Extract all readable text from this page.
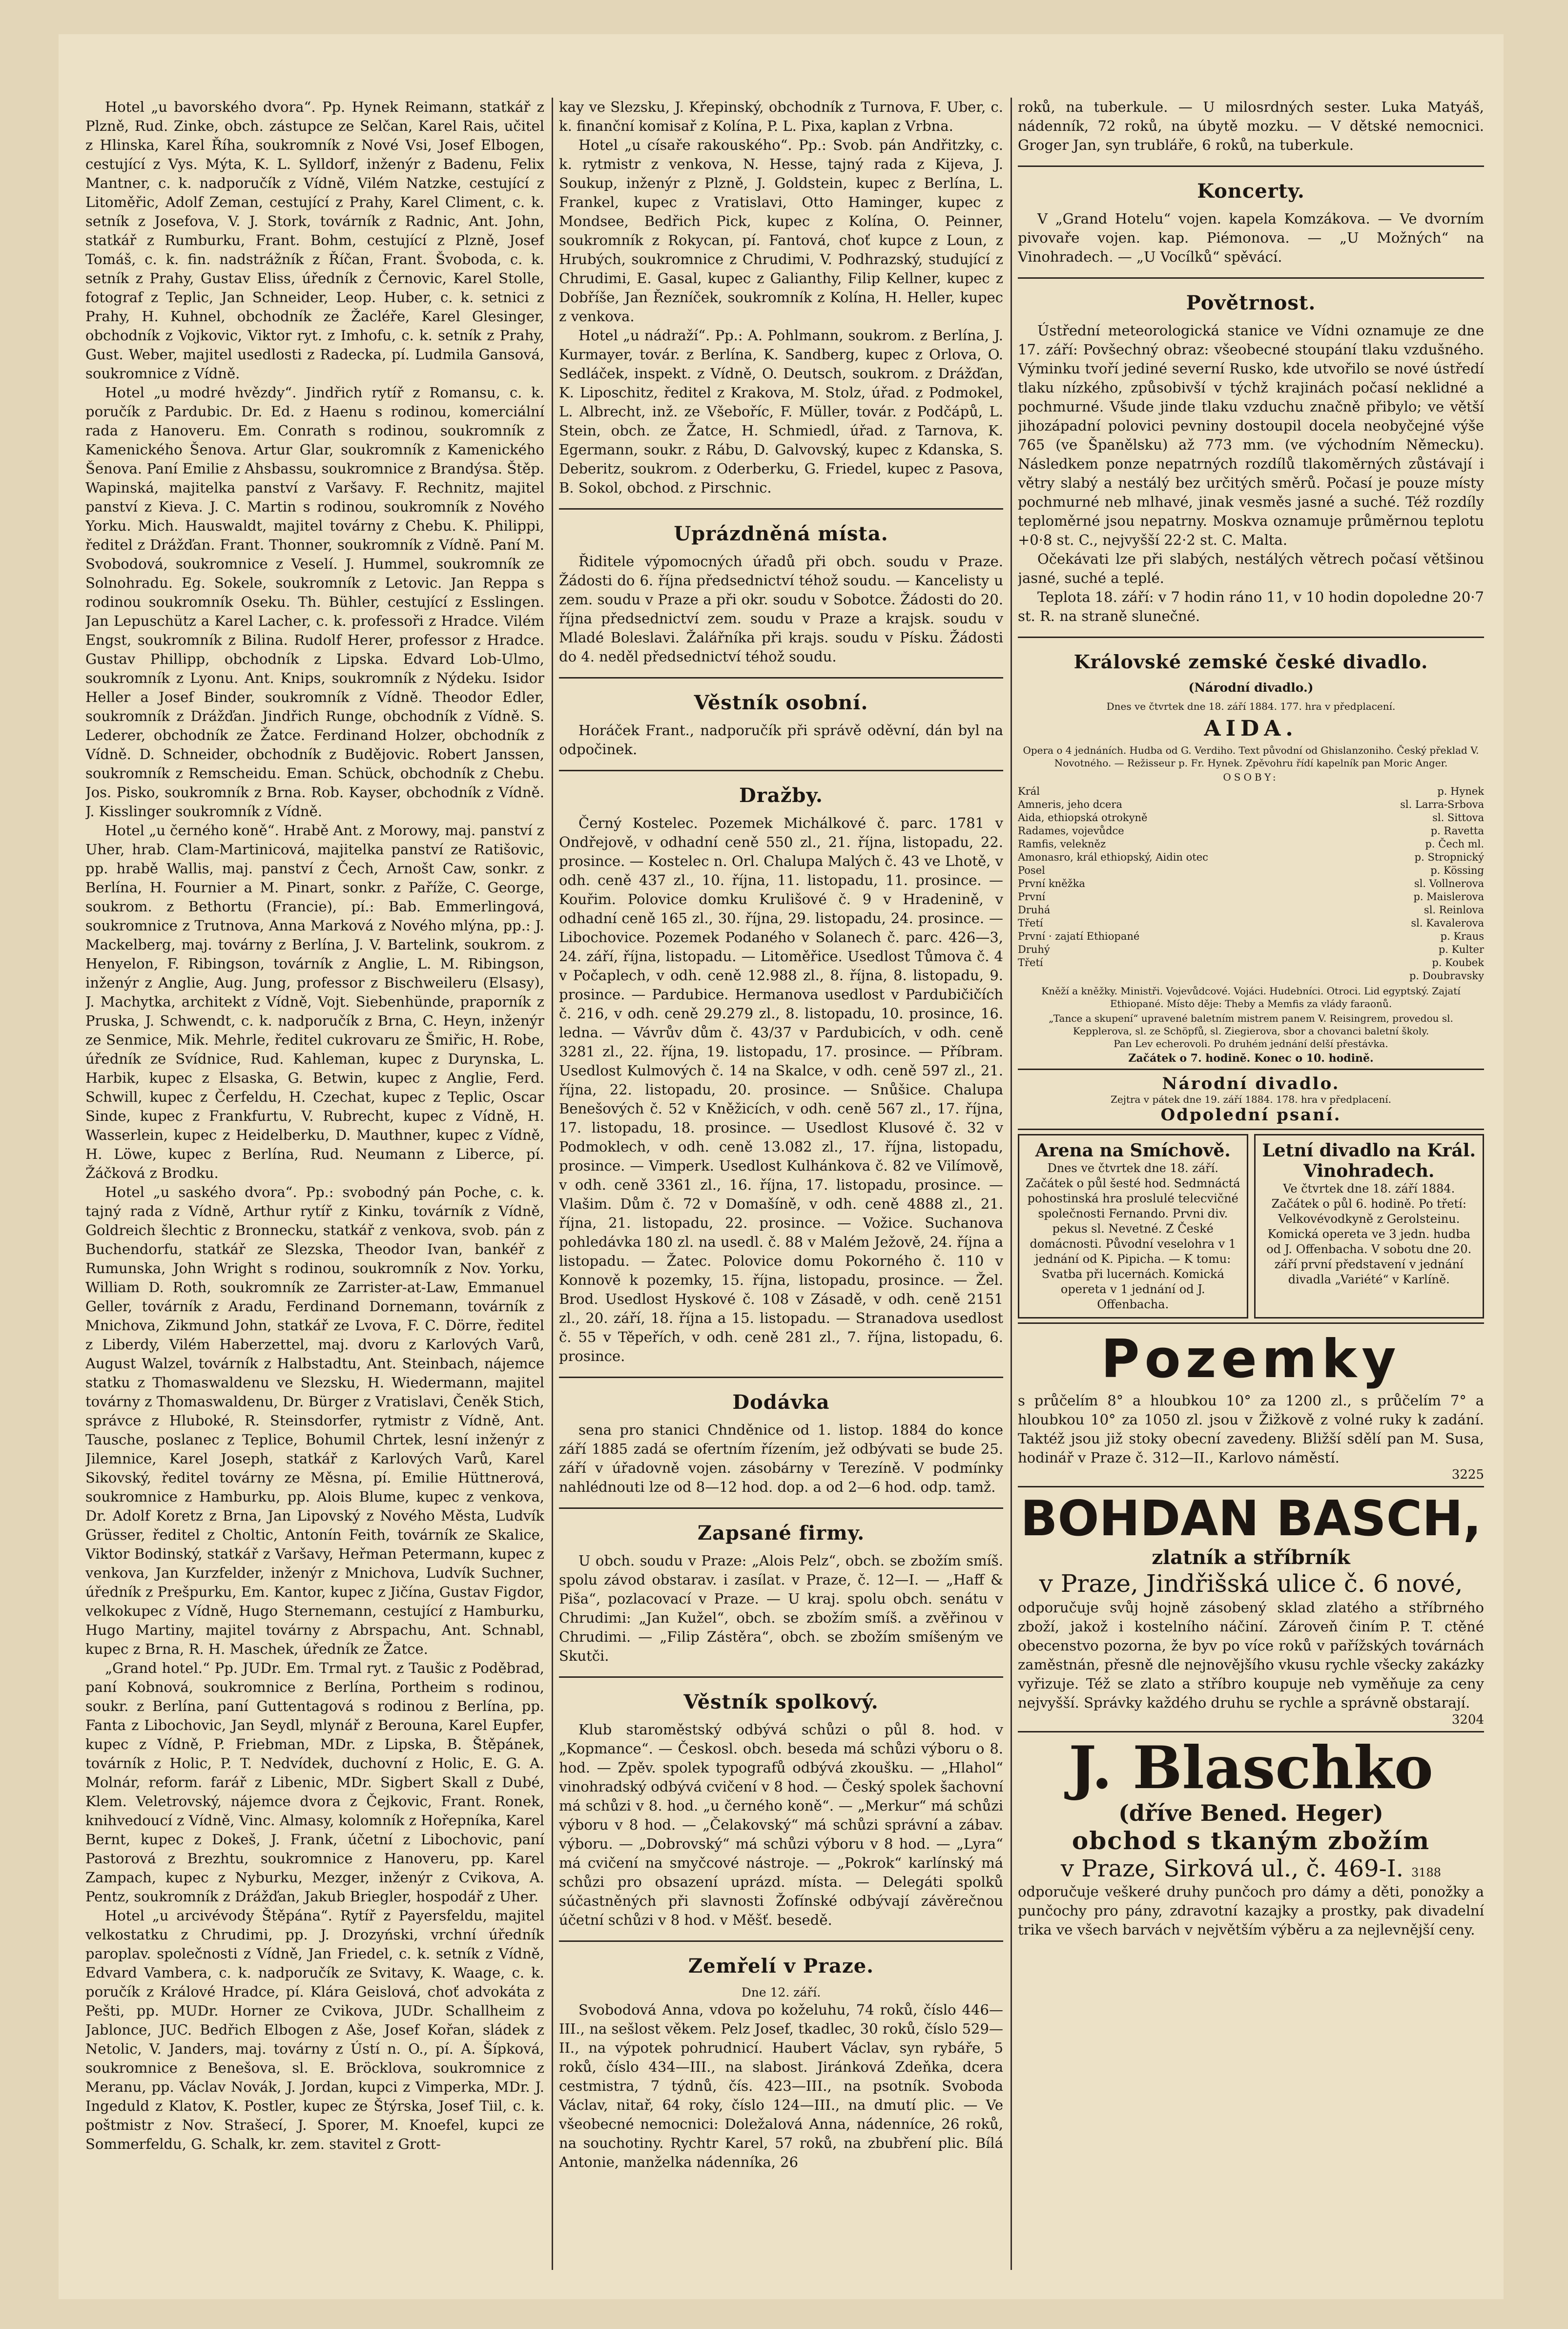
Hotel „u bavorského dvora“. Pp. Hynek Reimann, statkář z Plzně, Rud. Zinke, obch. zástupce ze Selčan, Karel Rais, učitel z Hlinska, Karel Říha, soukromník z Nové Vsi, Josef Elbogen, cestující z Vys. Mýta, K. L. Sylldorf, inženýr z Badenu, Felix Mantner, c. k. nadporučík z Vídně, Vilém Natzke, cestující z Litoměřic, Adolf Zeman, cestující z Prahy, Karel Climent, c. k. setník z Josefova, V. J. Stork, továrník z Radnic, Ant. John, statkář z Rumburku, Frant. Bohm, cestující z Plzně, Josef Tomáš, c. k. fin. nadstrážník z Říčan, Frant. Švoboda, c. k. setník z Prahy, Gustav Eliss, úředník z Černovic, Karel Stolle, fotograf z Teplic, Jan Schneider, Leop. Huber, c. k. setnici z Prahy, H. Kuhnel, obchodník ze Žacléře, Karel Glesinger, obchodník z Vojkovic, Viktor ryt. z Imhofu, c. k. setník z Prahy, Gust. Weber, majitel usedlosti z Radecka, pí. Ludmila Gansová, soukromnice z Vídně.

Hotel „u modré hvězdy“. Jindřich rytíř z Romansu, c. k. poručík z Pardubic. Dr. Ed. z Haenu s rodinou, komerciální rada z Hanoveru. Em. Conrath s rodinou, soukromník z Kamenického Šenova. Artur Glar, soukromník z Kamenického Šenova. Paní Emilie z Ahsbassu, soukromnice z Brandýsa. Štěp. Wapinská, majitelka panství z Varšavy. F. Rechnitz, majitel panství z Kieva. J. C. Martin s rodinou, soukromník z Nového Yorku. Mich. Hauswaldt, majitel továrny z Chebu. K. Philippi, ředitel z Drážďan. Frant. Thonner, soukromník z Vídně. Paní M. Svobodová, soukromnice z Veselí. J. Hummel, soukromník ze Solnohradu. Eg. Sokele, soukromník z Letovic. Jan Reppa s rodinou soukromník Oseku. Th. Bühler, cestující z Esslingen. Jan Lepuschütz a Karel Lacher, c. k. professoři z Hradce. Vilém Engst, soukromník z Bilina. Rudolf Herer, professor z Hradce. Gustav Phillipp, obchodník z Lipska. Edvard Lob-Ulmo, soukromník z Lyonu. Ant. Knips, soukromník z Nýdeku. Isidor Heller a Josef Binder, soukromník z Vídně. Theodor Edler, soukromník z Drážďan. Jindřich Runge, obchodník z Vídně. S. Lederer, obchodník ze Žatce. Ferdinand Holzer, obchodník z Vídně. D. Schneider, obchodník z Budějovic. Robert Janssen, soukromník z Remscheidu. Eman. Schück, obchodník z Chebu. Jos. Pisko, soukromník z Brna. Rob. Kayser, obchodník z Vídně. J. Kisslinger soukromník z Vídně.

Hotel „u černého koně“. Hrabě Ant. z Morowy, maj. panství z Uher, hrab. Clam-Martinicová, majitelka panství ze Ratišovic, pp. hrabě Wallis, maj. panství z Čech, Arnošt Caw, sonkr. z Berlína, H. Fournier a M. Pinart, sonkr. z Paříže, C. George, soukrom. z Bethortu (Francie), pí.: Bab. Emmerlingová, soukromnice z Trutnova, Anna Marková z Nového mlýna, pp.: J. Mackelberg, maj. továrny z Berlína, J. V. Bartelink, soukrom. z Henyelon, F. Ribingson, továrník z Anglie, L. M. Ribingson, inženýr z Anglie, Aug. Jung, professor z Bischweileru (Elsasy), J. Machytka, architekt z Vídně, Vojt. Siebenhünde, praporník z Pruska, J. Schwendt, c. k. nadporučík z Brna, C. Heyn, inženýr ze Senmice, Mik. Mehrle, ředitel cukrovaru ze Šmiřic, H. Robe, úředník ze Svídnice, Rud. Kahleman, kupec z Durynska, L. Harbik, kupec z Elsaska, G. Betwin, kupec z Anglie, Ferd. Schwill, kupec z Čerfeldu, H. Czechat, kupec z Teplic, Oscar Sinde, kupec z Frankfurtu, V. Rubrecht, kupec z Vídně, H. Wasserlein, kupec z Heidelberku, D. Mauthner, kupec z Vídně, H. Löwe, kupec z Berlína, Rud. Neumann z Liberce, pí. Žáčková z Brodku.

Hotel „u saského dvora“. Pp.: svobodný pán Poche, c. k. tajný rada z Vídně, Arthur rytíř z Kinku, továrník z Vídně, Goldreich šlechtic z Bronnecku, statkář z venkova, svob. pán z Buchendorfu, statkář ze Slezska, Theodor Ivan, bankéř z Rumunska, John Wright s rodinou, soukromník z Nov. Yorku, William D. Roth, soukromník ze Zarrister-at-Law, Emmanuel Geller, továrník z Aradu, Ferdinand Dornemann, továrník z Mnichova, Zikmund John, statkář ze Lvova, F. C. Dörre, ředitel z Liberdy, Vilém Haberzettel, maj. dvoru z Karlových Varů, August Walzel, továrník z Halbstadtu, Ant. Steinbach, nájemce statku z Thomaswaldenu ve Slezsku, H. Wiedermann, majitel továrny z Thomaswaldenu, Dr. Bürger z Vratislavi, Čeněk Stich, správce z Hluboké, R. Steinsdorfer, rytmistr z Vídně, Ant. Tausche, poslanec z Teplice, Bohumil Chrtek, lesní inženýr z Jilemnice, Karel Joseph, statkář z Karlových Varů, Karel Sikovský, ředitel továrny ze Měsna, pí. Emilie Hüttnerová, soukromnice z Hamburku, pp. Alois Blume, kupec z venkova, Dr. Adolf Koretz z Brna, Jan Lipovský z Nového Města, Ludvík Grüsser, ředitel z Choltic, Antonín Feith, továrník ze Skalice, Viktor Bodinský, statkář z Varšavy, Heřman Petermann, kupec z venkova, Jan Kurzfelder, inženýr z Mnichova, Ludvík Suchner, úředník z Prešpurku, Em. Kantor, kupec z Jičína, Gustav Figdor, velkokupec z Vídně, Hugo Sternemann, cestující z Hamburku, Hugo Martiny, majitel továrny z Abrspachu, Ant. Schnabl, kupec z Brna, R. H. Maschek, úředník ze Žatce.

„Grand hotel.“ Pp. JUDr. Em. Trmal ryt. z Taušic z Poděbrad, paní Kobnová, soukromnice z Berlína, Portheim s rodinou, soukr. z Berlína, paní Guttentagová s rodinou z Berlína, pp. Fanta z Libochovic, Jan Seydl, mlynář z Berouna, Karel Eupfer, kupec z Vídně, P. Friebman, MDr. z Lipska, B. Štěpánek, továrník z Holic, P. T. Nedvídek, duchovní z Holic, E. G. A. Molnár, reform. farář z Libenic, MDr. Sigbert Skall z Dubé, Klem. Veletrovský, nájemce dvora z Čejkovic, Frant. Ronek, knihvedoucí z Vídně, Vinc. Almasy, kolomník z Hořepníka, Karel Bernt, kupec z Dokeš, J. Frank, účetní z Libochovic, paní Pastorová z Brezhtu, soukromnice z Hanoveru, pp. Karel Zampach, kupec z Nyburku, Mezger, inženýr z Cvikova, A. Pentz, soukromník z Drážďan, Jakub Briegler, hospodář z Uher.

Hotel „u arcivévody Štěpána“. Rytíř z Payersfeldu, majitel velkostatku z Chrudimi, pp. J. Drozyński, vrchní úředník paroplav. společnosti z Vídně, Jan Friedel, c. k. setník z Vídně, Edvard Vambera, c. k. nadporučík ze Svitavy, K. Waage, c. k. poručík z Králové Hradce, pí. Klára Geislová, choť advokáta z Pešti, pp. MUDr. Horner ze Cvikova, JUDr. Schallheim z Jablonce, JUC. Bedřich Elbogen z Aše, Josef Kořan, sládek z Netolic, V. Janders, maj. továrny z Ústí n. O., pí. A. Šípková, soukromnice z Benešova, sl. E. Bröcklova, soukromnice z Meranu, pp. Václav Novák, J. Jordan, kupci z Vimperka, MDr. J. Ingeduld z Klatov, K. Postler, kupec ze Štýrska, Josef Tiil, c. k. poštmistr z Nov. Strašecí, J. Sporer, M. Knoefel, kupci ze Sommerfeldu, G. Schalk, kr. zem. stavitel z Grott-

kay ve Slezsku, J. Křepinský, obchodník z Turnova, F. Uber, c. k. finanční komisař z Kolína, P. L. Pixa, kaplan z Vrbna.

Hotel „u císaře rakouského“. Pp.: Svob. pán Andřitzky, c. k. rytmistr z venkova, N. Hesse, tajný rada z Kijeva, J. Soukup, inženýr z Plzně, J. Goldstein, kupec z Berlína, L. Frankel, kupec z Vratislavi, Otto Haminger, kupec z Mondsee, Bedřich Pick, kupec z Kolína, O. Peinner, soukromník z Rokycan, pí. Fantová, choť kupce z Loun, z Hrubých, soukromnice z Chrudimi, V. Podhrazský, studující z Chrudimi, E. Gasal, kupec z Galianthy, Filip Kellner, kupec z Dobříše, Jan Řezníček, soukromník z Kolína, H. Heller, kupec z venkova.

Hotel „u nádraží“. Pp.: A. Pohlmann, soukrom. z Berlína, J. Kurmayer, továr. z Berlína, K. Sandberg, kupec z Orlova, O. Sedláček, inspekt. z Vídně, O. Deutsch, soukrom. z Drážďan, K. Liposchitz, ředitel z Krakova, M. Stolz, úřad. z Podmokel, L. Albrecht, inž. ze Všeboříc, F. Müller, továr. z Podčápů, L. Stein, obch. ze Žatce, H. Schmiedl, úřad. z Tarnova, K. Egermann, soukr. z Rábu, D. Galvovský, kupec z Kdanska, S. Deberitz, soukrom. z Oderberku, G. Friedel, kupec z Pasova, B. Sokol, obchod. z Pirschnic.

Uprázdněná místa.

Řiditele výpomocných úřadů při obch. soudu v Praze. Žádosti do 6. října předsednictví téhož soudu. — Kancelisty u zem. soudu v Praze a při okr. soudu v Sobotce. Žádosti do 20. října předsednictví zem. soudu v Praze a krajsk. soudu v Mladé Boleslavi. Žalářníka při krajs. soudu v Písku. Žádosti do 4. neděl předsednictví téhož soudu.

Věstník osobní.

Horáček Frant., nadporučík při správě oděvní, dán byl na odpočinek.

Dražby.

Černý Kostelec. Pozemek Michálkové č. parc. 1781 v Ondřejově, v odhadní ceně 550 zl., 21. října, listopadu, 22. prosince. — Kostelec n. Orl. Chalupa Malých č. 43 ve Lhotě, v odh. ceně 437 zl., 10. října, 11. listopadu, 11. prosince. — Kouřim. Polovice domku Krulišové č. 9 v Hradenině, v odhadní ceně 165 zl., 30. října, 29. listopadu, 24. prosince. — Libochovice. Pozemek Podaného v Solanech č. parc. 426—3, 24. září, října, listopadu. — Litoměřice. Usedlost Tůmova č. 4 v Počaplech, v odh. ceně 12.988 zl., 8. října, 8. listopadu, 9. prosince. — Pardubice. Hermanova usedlost v Pardubičičích č. 216, v odh. ceně 29.279 zl., 8. listopadu, 10. prosince, 16. ledna. — Vávrův dům č. 43/37 v Pardubicích, v odh. ceně 3281 zl., 22. října, 19. listopadu, 17. prosince. — Příbram. Usedlost Kulmových č. 14 na Skalce, v odh. ceně 597 zl., 21. října, 22. listopadu, 20. prosince. — Snůšice. Chalupa Benešových č. 52 v Kněžicích, v odh. ceně 567 zl., 17. října, 17. listopadu, 18. prosince. — Usedlost Klusové č. 32 v Podmoklech, v odh. ceně 13.082 zl., 17. října, listopadu, prosince. — Vimperk. Usedlost Kulhánkova č. 82 ve Vilímově, v odh. ceně 3361 zl., 16. října, 17. listopadu, prosince. — Vlašim. Dům č. 72 v Domašíně, v odh. ceně 4888 zl., 21. října, 21. listopadu, 22. prosince. — Vožice. Suchanova pohledávka 180 zl. na usedl. č. 88 v Malém Ježově, 24. října a listopadu. — Žatec. Polovice domu Pokorného č. 110 v Konnově k pozemky, 15. října, listopadu, prosince. — Žel. Brod. Usedlost Hyskové č. 108 v Zásadě, v odh. ceně 2151 zl., 20. září, 18. října a 15. listopadu. — Stranadova usedlost č. 55 v Těpeřích, v odh. ceně 281 zl., 7. října, listopadu, 6. prosince.

Dodávka

sena pro stanici Chnděnice od 1. listop. 1884 do konce září 1885 zadá se ofertním řízením, jež odbývati se bude 25. září v úřadovně vojen. zásobárny v Terezíně. V podmínky nahlédnouti lze od 8—12 hod. dop. a od 2—6 hod. odp. tamž.

Zapsané firmy.

U obch. soudu v Praze: „Alois Pelz“, obch. se zbožím smíš. spolu závod obstarav. i zasílat. v Praze, č. 12—I. — „Haff & Piša“, pozlacovací v Praze. — U kraj. spolu obch. senátu v Chrudimi: „Jan Kužel“, obch. se zbožím smíš. a zvěřinou v Chrudimi. — „Filip Zástěra“, obch. se zbožím smíšeným ve Skutči.

Věstník spolkový.

Klub staroměstský odbývá schůzi o půl 8. hod. v „Kopmance“. — Českosl. obch. beseda má schůzi výboru o 8. hod. — Zpěv. spolek typografů odbývá zkoušku. — „Hlahol“ vinohradský odbývá cvičení v 8 hod. — Český spolek šachovní má schůzi v 8. hod. „u černého koně“. — „Merkur“ má schůzi výboru v 8 hod. — „Čelakovský“ má schůzi správní a zábav. výboru. — „Dobrovský“ má schůzi výboru v 8 hod. — „Lyra“ má cvičení na smyčcové nástroje. — „Pokrok“ karlínský má schůzi pro obsazení uprázd. místa. — Delegáti spolků súčastněných při slavnosti Žofínské odbývají závěrečnou účetní schůzi v 8 hod. v Měšť. besedě.

Zemřelí v Praze.
Dne 12. září.

Svobodová Anna, vdova po koželuhu, 74 roků, číslo 446—III., na sešlost věkem. Pelz Josef, tkadlec, 30 roků, číslo 529—II., na výpotek pohrudnicí. Haubert Václav, syn rybáře, 5 roků, číslo 434—III., na slabost. Jiránková Zdeňka, dcera cestmistra, 7 týdnů, čís. 423—III., na psotník. Svoboda Václav, nitař, 64 roky, číslo 124—III., na dmutí plic. — Ve všeobecné nemocnici: Doležalová Anna, nádenníce, 26 roků, na souchotiny. Rychtr Karel, 57 roků, na zbubření plic. Bílá Antonie, manželka nádenníka, 26

roků, na tuberkule. — U milosrdných sester. Luka Matyáš, nádenník, 72 roků, na úbytě mozku. — V dětské nemocnici. Groger Jan, syn trubláře, 6 roků, na tuberkule.

Koncerty.

V „Grand Hotelu“ vojen. kapela Komzákova. — Ve dvorním pivovaře vojen. kap. Piémonova. — „U Možných“ na Vinohradech. — „U Vocílků“ spěvácí.

Povětrnost.

Ústřední meteorologická stanice ve Vídni oznamuje ze dne 17. září: Povšechný obraz: všeobecné stoupání tlaku vzdušného. Výminku tvoří jediné severní Rusko, kde utvořilo se nové ústředí tlaku nízkého, způsobivší v týchž krajinách počasí neklidné a pochmurné. Všude jinde tlaku vzduchu značně přibylo; ve větší jihozápadní polovici pevniny dostoupil docela neobyčejné výše 765 (ve Španělsku) až 773 mm. (ve východním Německu). Následkem ponze nepatrných rozdílů tlakoměrných zůstávají i větry slabý a nestálý bez určitých směrů. Počasí je pouze místy pochmurné neb mlhavé, jinak vesměs jasné a suché. Též rozdíly teploměrné jsou nepatrny. Moskva oznamuje průměrnou teplotu +0·8 st. C., nejvyšší 22·2 st. C. Malta.

Očekávati lze při slabých, nestálých větrech počasí většinou jasné, suché a teplé.

Teplota 18. září: v 7 hodin ráno 11, v 10 hodin dopoledne 20·7 st. R. na straně slunečné.

Královské zemské české divadlo.
(Národní divadlo.)
Dnes ve čtvrtek dne 18. září 1884. 177. hra v předplacení.
AIDA.
Opera o 4 jednáních. Hudba od G. Verdiho. Text původní od Ghislanzoniho. Český překlad V. Novotného. — Režisseur p. Fr. Hynek. Zpěvohru řídí kapelník pan Moric Anger.
OSOBY:
Král	p. Hynek
Amneris, jeho dcera	sl. Larra-Srbova
Aida, ethiopská otrokyně	sl. Sittova
Radames, vojevůdce	p. Ravetta
Ramfis, velekněz	p. Čech ml.
Amonasro, král ethiopský, Aidin otec	p. Stropnický
Posel	p. Kössing
První kněžka	sl. Vollnerova
První	p. Maislerova
Druhá	sl. Reinlova
Třetí	sl. Kavalerova
První · zajatí Ethiopané	p. Kraus
Druhý	p. Kulter
Třetí	p. Koubek
p. Doubravsky
Kněží a kněžky. Ministři. Vojevůdcové. Vojáci. Hudebníci. Otroci. Lid egyptský. Zajatí Ethiopané. Místo děje: Theby a Memfis za vlády faraonů.
„Tance a skupení“ upravené baletním mistrem panem V. Reisingrem, provedou sl. Kepplerova, sl. ze Schöpfů, sl. Ziegierova, sbor a chovanci baletní školy.
Pan Lev echerovoli. Po druhém jednání delší přestávka.
Začátek o 7. hodině. Konec o 10. hodině.
Národní divadlo.
Zejtra v pátek dne 19. září 1884. 178. hra v předplacení.
Odpolední psaní.
Arena na Smíchově.
Dnes ve čtvrtek dne 18. září. Začátek o půl šesté hod. Sedmnáctá pohostinská hra proslulé telecvičné společnosti Fernando. Prvni div. pekus sl. Nevetné. Z České domácnosti. Původní veselohra v 1 jednání od K. Pipicha. — K tomu: Svatba při lucernách. Komická opereta v 1 jednání od J. Offenbacha.
Letní divadlo na Král. Vinohradech.
Ve čtvrtek dne 18. září 1884. Začátek o půl 6. hodině. Po třetí: Velkovévodkyně z Gerolsteinu. Komická opereta ve 3 jedn. hudba od J. Offenbacha. V sobotu dne 20. září první představení v jednání divadla „Variété“ v Karlíně.
Pozemky

s průčelím 8° a hloubkou 10° za 1200 zl., s průčelím 7° a hloubkou 10° za 1050 zl. jsou v Žižkově z volné ruky k zadání. Taktéž jsou již stoky obecní zavedeny. Bližší sdělí pan M. Susa, hodinář v Praze č. 312—II., Karlovo náměstí.

3225
BOHDAN BASCH,
zlatník a stříbrník
v Praze, Jindřišská ulice č. 6 nové,

odporučuje svůj hojně zásobený sklad zlatého a stříbrného zboží, jakož i kostelního náčiní. Zároveň činím P. T. ctěné obecenstvo pozorna, že byv po více roků v pařížských továrnách zaměstnán, přesně dle nejnovějšího vkusu rychle všecky zakázky vyřizuje. Též se zlato a stříbro koupuje neb vyměňuje za ceny nejvyšší. Správky každého druhu se rychle a správně obstarají.

3204
J. Blaschko
(dříve Bened. Heger)
obchod s tkaným zbožím
v Praze, Sirková ul., č. 469-I. 3188

odporučuje veškeré druhy punčoch pro dámy a děti, ponožky a punčochy pro pány, zdravotní kazajky a prostky, pak divadelní trika ve všech barvách v největším výběru a za nejlevnější ceny.
